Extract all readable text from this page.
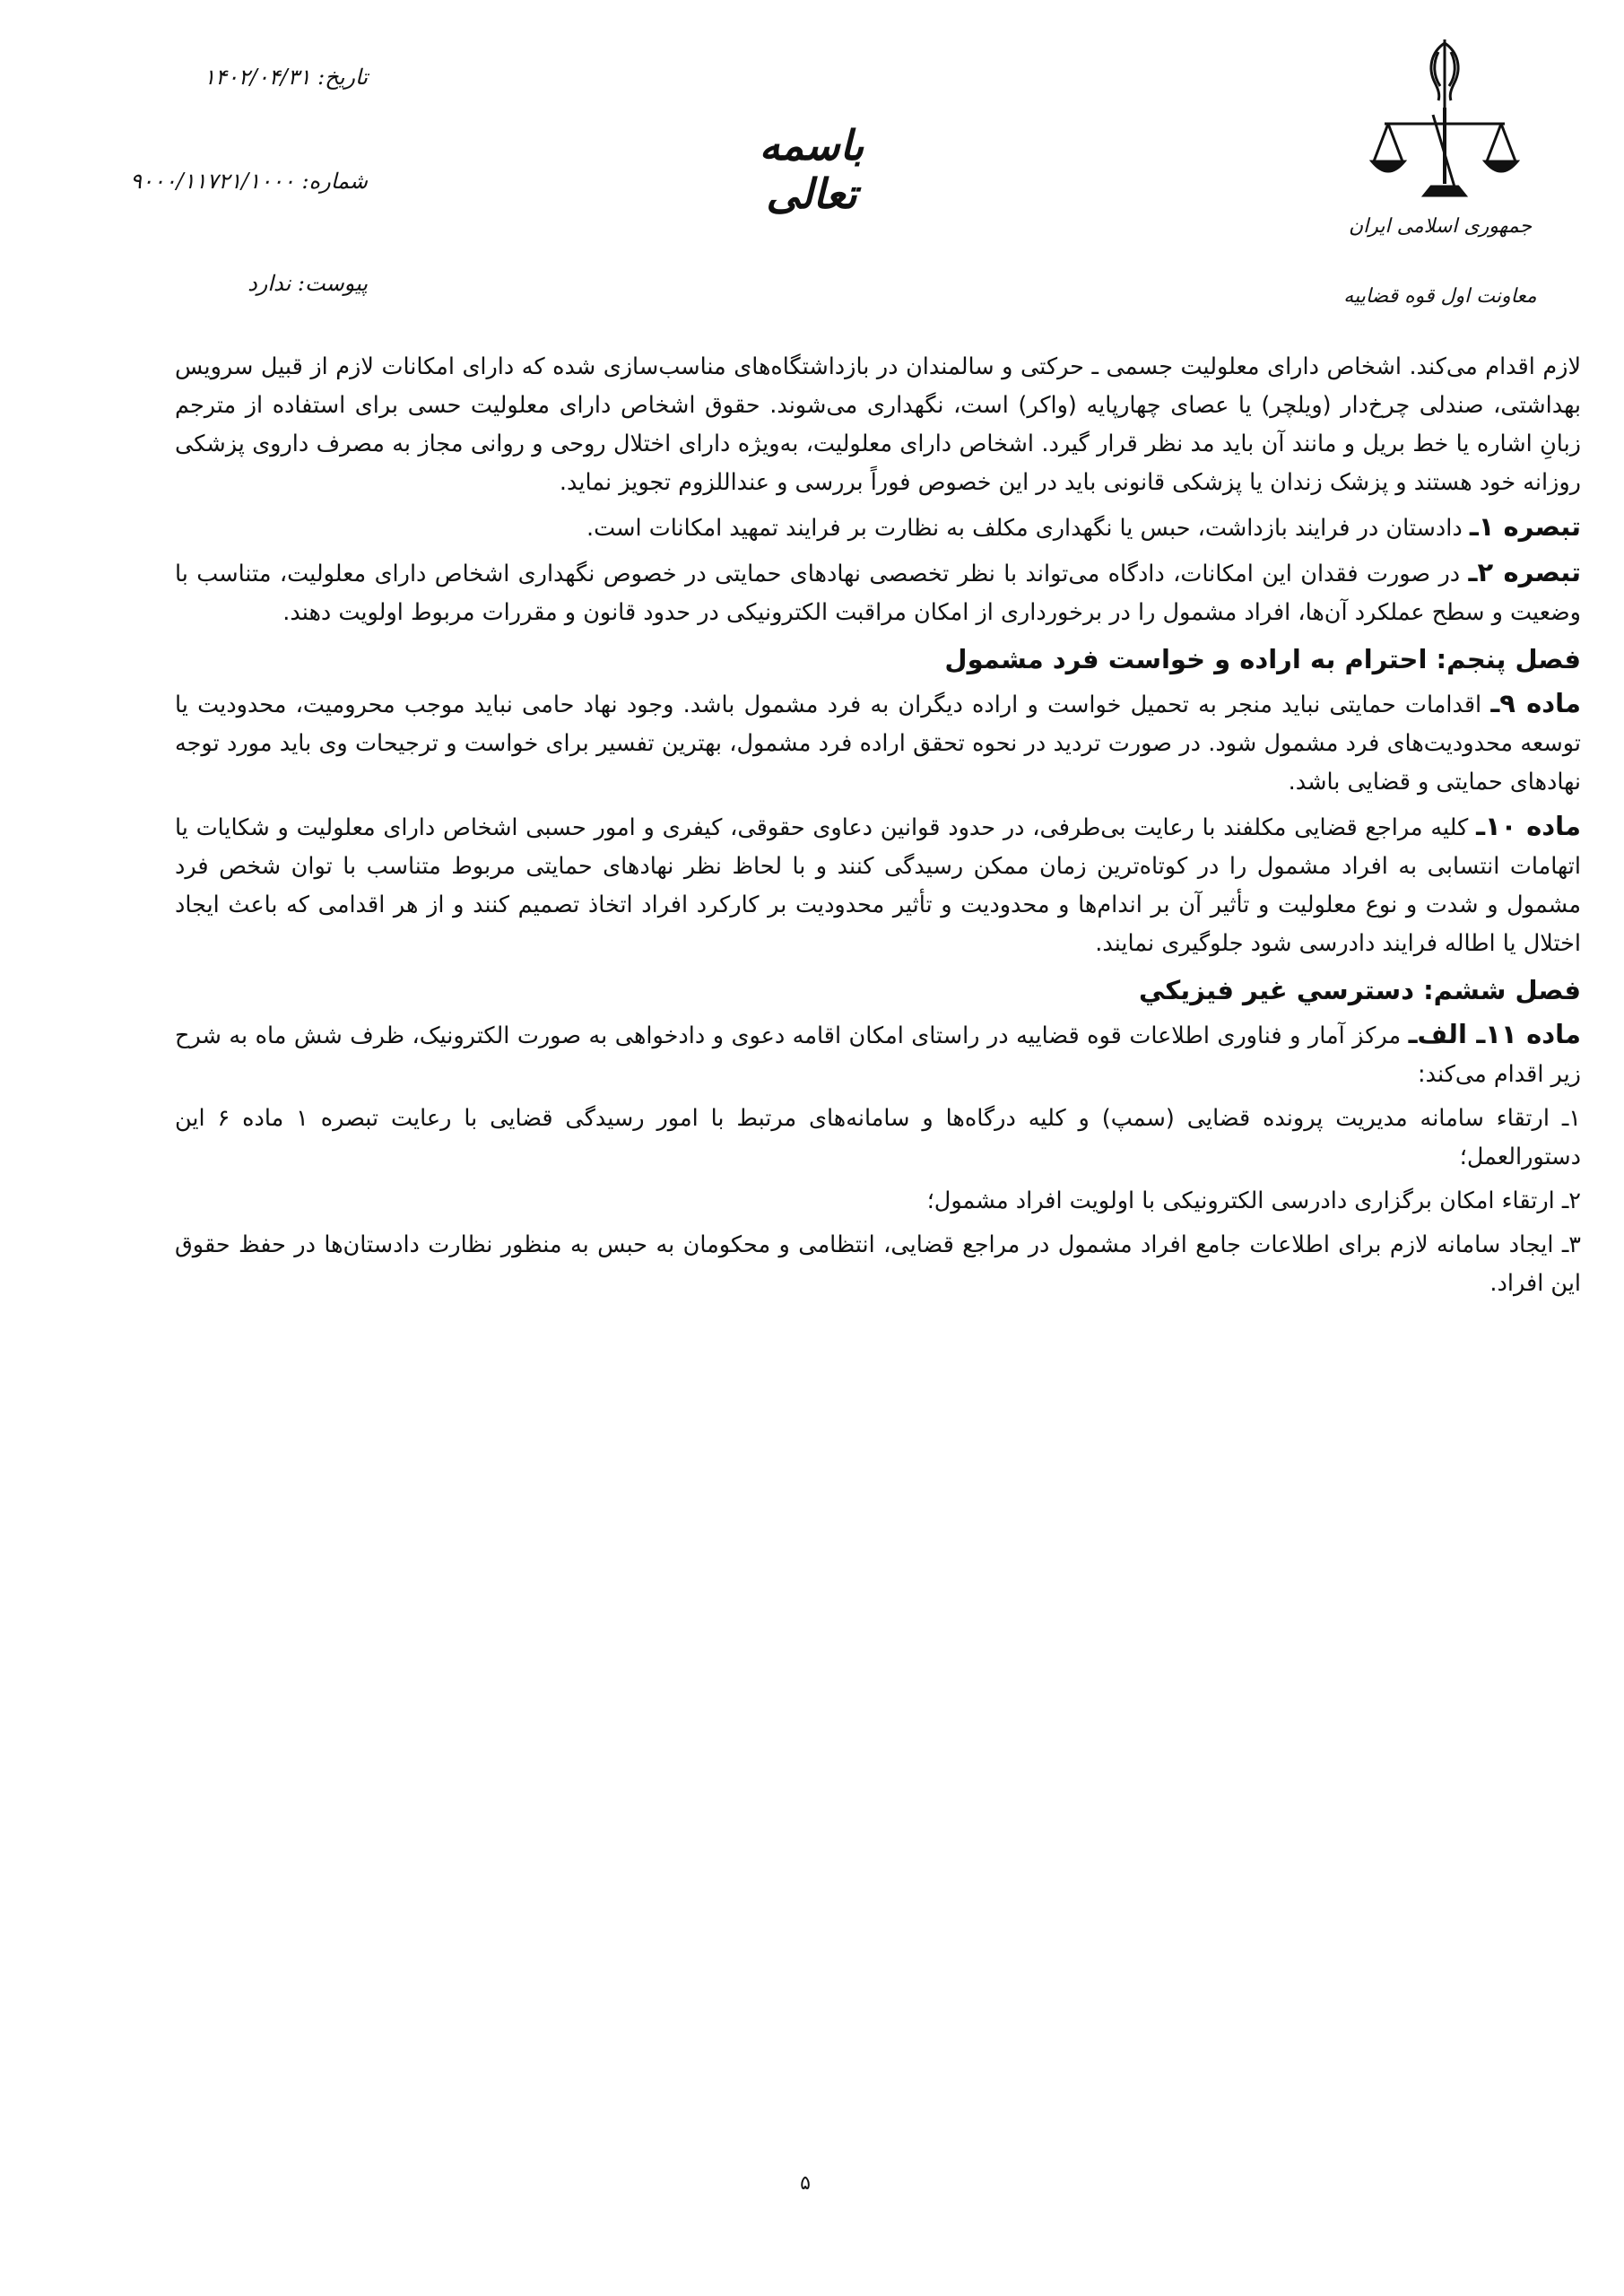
جمهوری اسلامی ایران
معاونت اول قوه قضاییه
باسمه تعالی
تاریخ: ۱۴۰۲/۰۴/۳۱
شماره: ۹۰۰۰/۱۱۷۲۱/۱۰۰۰
پیوست: ندارد

لازم اقدام می‌کند. اشخاص دارای معلولیت جسمی ـ حرکتی و سالمندان در بازداشتگاه‌های مناسب‌سازی شده که دارای امکانات لازم از قبیل سرویس بهداشتی، صندلی چرخ‌دار (ویلچر) یا عصای چهارپایه (واکر) است، نگهداری می‌شوند. حقوق اشخاص دارای معلولیت حسی برای استفاده از مترجم زبانِ اشاره یا خط بریل و مانند آن باید مد نظر قرار گیرد. اشخاص دارای معلولیت، به‌ویژه دارای اختلال روحی و روانی مجاز به مصرف داروی پزشکی روزانه خود هستند و پزشک زندان یا پزشکی قانونی باید در این خصوص فوراً بررسی و عنداللزوم تجویز نماید.

تبصره ۱ـ دادستان در فرایند بازداشت، حبس یا نگهداری مکلف به نظارت بر فرایند تمهید امکانات است.

تبصره ۲ـ در صورت فقدان این امکانات، دادگاه می‌تواند با نظر تخصصی نهادهای حمایتی در خصوص نگهداری اشخاص دارای معلولیت، متناسب با وضعیت و سطح عملکرد آن‌ها، افراد مشمول را در برخورداری از امکان مراقبت الکترونیکی در حدود قانون و مقررات مربوط اولویت دهند.

فصل پنجم: احترام به اراده و خواست فرد مشمول

ماده ۹ـ اقدامات حمایتی نباید منجر به تحمیل خواست و اراده دیگران به فرد مشمول باشد. وجود نهاد حامی نباید موجب محرومیت، محدودیت یا توسعه محدودیت‌های فرد مشمول شود. در صورت تردید در نحوه تحقق اراده فرد مشمول، بهترین تفسیر برای خواست و ترجیحات وی باید مورد توجه نهادهای حمایتی و قضایی باشد.

ماده ۱۰ـ کلیه مراجع قضایی مکلفند با رعایت بی‌طرفی، در حدود قوانین دعاوی حقوقی، کیفری و امور حسبی اشخاص دارای معلولیت و شکایات یا اتهامات انتسابی به افراد مشمول را در کوتاه‌ترین زمان ممکن رسیدگی کنند و با لحاظ نظر نهادهای حمایتی مربوط متناسب با توان شخص فرد مشمول و شدت و نوع معلولیت و تأثیر آن بر اندام‌ها و محدودیت و تأثیر محدودیت بر کارکرد افراد اتخاذ تصمیم کنند و از هر اقدامی که باعث ایجاد اختلال یا اطاله فرایند دادرسی شود جلوگیری نمایند.

فصل ششم: دسترسي غير فيزيكي

ماده ۱۱ـ الف‌ـ مرکز آمار و فناوری اطلاعات قوه قضاییه در راستای امکان اقامه دعوی و دادخواهی به صورت الکترونیک، ظرف شش ماه به شرح زیر اقدام می‌کند:

۱ـ ارتقاء سامانه مدیریت پرونده قضایی (سمپ) و کلیه درگاه‌ها و سامانه‌های مرتبط با امور رسیدگی قضایی با رعایت تبصره ۱ ماده ۶ این دستورالعمل؛

۲ـ ارتقاء امکان برگزاری دادرسی الکترونیکی با اولویت افراد مشمول؛

۳ـ ایجاد سامانه لازم برای اطلاعات جامع افراد مشمول در مراجع قضایی، انتظامی و محکومان به حبس به منظور نظارت دادستان‌ها در حفظ حقوق این افراد.

۵
